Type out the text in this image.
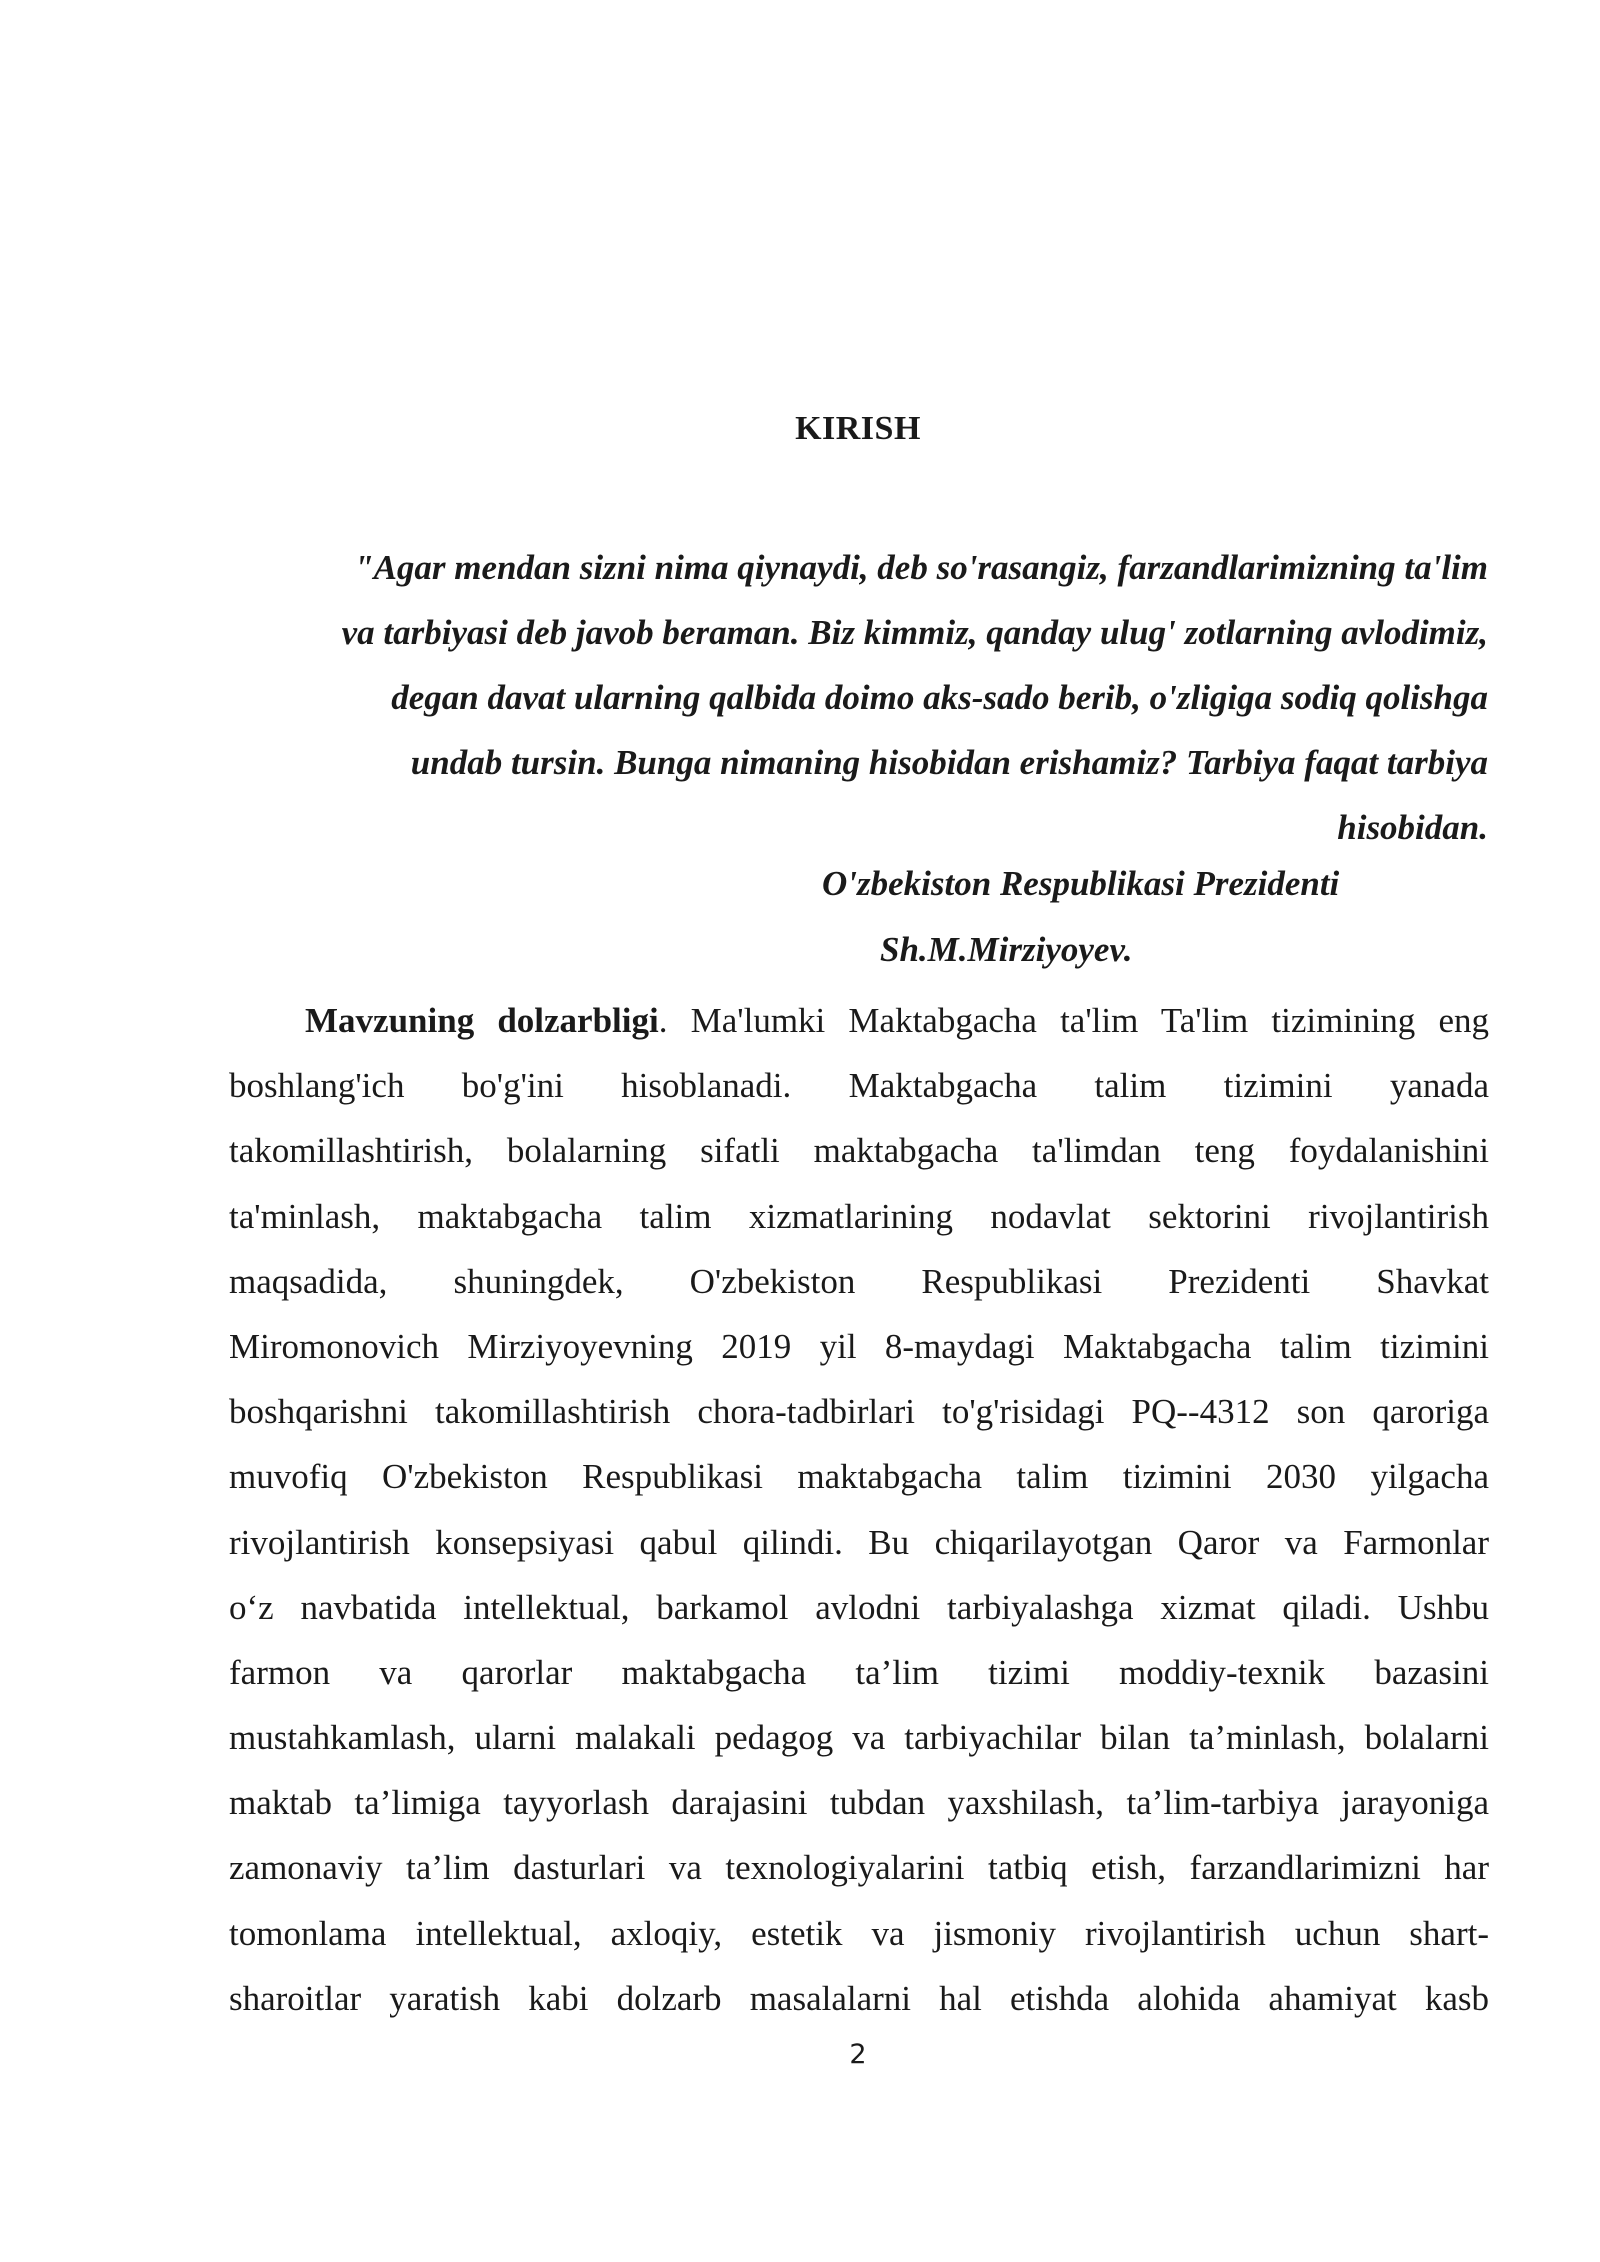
KIRISH
"Agar mendan sizni nima qiynaydi, deb so'rasangiz, farzandlarimizning ta'lim
va tarbiyasi deb javob beraman. Biz kimmiz, qanday ulug' zotlarning avlodimiz,
degan davat ularning qalbida doimo aks-sado berib, o'zligiga sodiq qolishga
undab tursin. Bunga nimaning hisobidan erishamiz? Tarbiya faqat tarbiya
hisobidan.
O'zbekiston Respublikasi Prezidenti
Sh.M.Mirziyoyev.
Mavzuning dolzarbligi. Ma'lumki Maktabgacha ta'lim Ta'lim tizimining eng
boshlang'ich bo'g'ini hisoblanadi. Maktabgacha talim tizimini yanada
takomillashtirish, bolalarning sifatli maktabgacha ta'limdan teng foydalanishini
ta'minlash, maktabgacha talim xizmatlarining nodavlat sektorini rivojlantirish
maqsadida, shuningdek, O'zbekiston Respublikasi Prezidenti Shavkat
Miromonovich Mirziyoyevning 2019 yil 8-maydagi Maktabgacha talim tizimini
boshqarishni takomillashtirish chora-tadbirlari to'g'risidagi PQ--4312 son qaroriga
muvofiq O'zbekiston Respublikasi maktabgacha talim tizimini 2030 yilgacha
rivojlantirish konsepsiyasi qabul qilindi. Bu chiqarilayotgan Qaror va Farmonlar
o‘z navbatida intellektual, barkamol avlodni tarbiyalashga xizmat qiladi. Ushbu
farmon va qarorlar maktabgacha ta’lim tizimi moddiy-texnik bazasini
mustahkamlash, ularni malakali pedagog va tarbiyachilar bilan ta’minlash, bolalarni
maktab ta’limiga tayyorlash darajasini tubdan yaxshilash, ta’lim-tarbiya jarayoniga
zamonaviy ta’lim dasturlari va texnologiyalarini tatbiq etish, farzandlarimizni har
tomonlama intellektual, axloqiy, estetik va jismoniy rivojlantirish uchun shart-
sharoitlar yaratish kabi dolzarb masalalarni hal etishda alohida ahamiyat kasb
2
